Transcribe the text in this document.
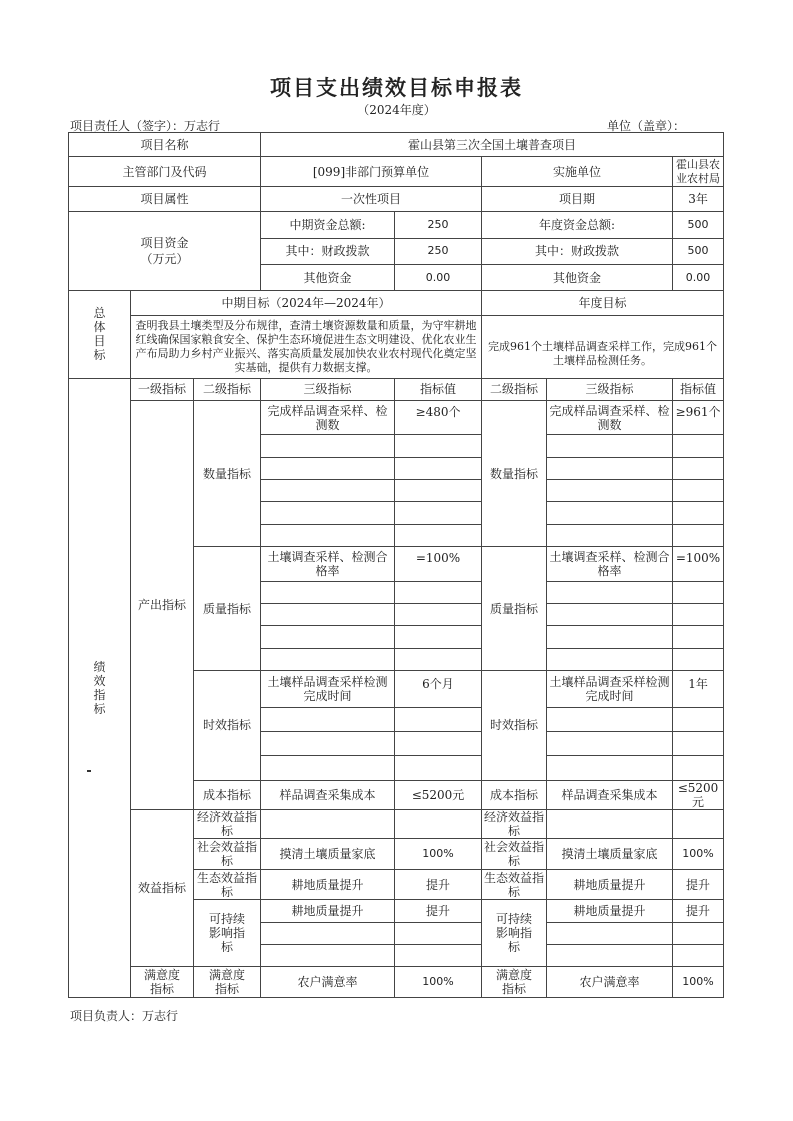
项目支出绩效目标申报表
（2024年度）
项目责任人（签字）：万志行	单位（盖章）：
项目名称			霍山县第三次全国土壤普查项目				
主管部门及代码			[099]非部门预算单位		实施单位		霍山县农业农村局
项目属性			一次性项目		项目期		3年

项目资金
（万元）			中期资金总额:	250	年度资金总额:		500
			其中：财政拨款	250	其中：财政拨款		500
			其他资金	0.00	其他资金		0.00
总体目标	中期目标（2024年—2024年）				年度目标		
	查明我县土壤类型及分布规律，查清土壤资源数量和质量，为守牢耕地红线确保国家粮食安全、保护生态环境促进生态文明建设、优化农业生产布局助力乡村产业振兴、落实高质量发展加快农业农村现代化奠定坚实基础，提供有力数据支撑。				完成961个土壤样品调查采样工作，完成961个土壤样品检测任务。		
绩效指标	一级指标	二级指标	三级指标	指标值	二级指标	三级指标	指标值
	产出指标	数量指标	完成样品调查采样、检测数	≥480个	数量指标	完成样品调查采样、检测数	≥961个

		质量指标	土壤调查采样、检测合格率	=100%	质量指标	土壤调查采样、检测合格率	=100%

		时效指标	土壤样品调查采样检测完成时间	6个月	时效指标	土壤样品调查采样检测完成时间	1年

		成本指标	样品调查采集成本	≤5200元	成本指标	样品调查采集成本	≤5200元
	效益指标	经济效益指标			经济效益指标		
		社会效益指标	摸清土壤质量家底	100%	社会效益指标	摸清土壤质量家底	100%
		生态效益指标	耕地质量提升	提升	生态效益指标	耕地质量提升	提升
		可持续影响指标	耕地质量提升	提升	可持续影响指标	耕地质量提升	提升

	满意度指标	满意度指标	农户满意率	100%	满意度指标	农户满意率	100%
项目负责人：万志行
